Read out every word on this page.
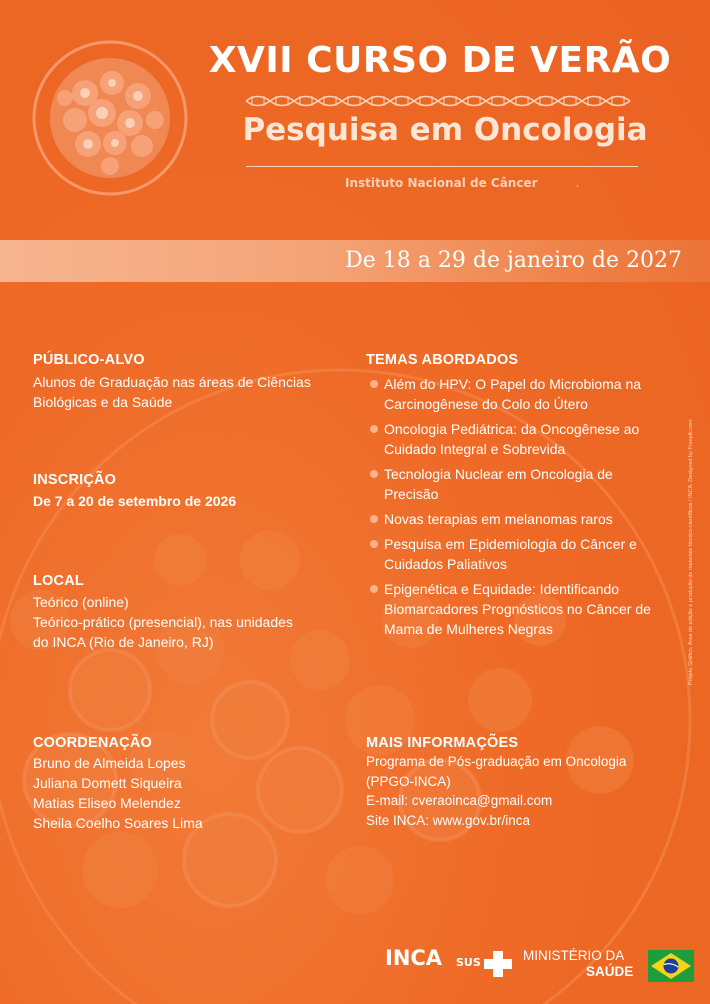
XVII CURSO DE VERÃO
Pesquisa em Oncologia
Instituto Nacional de Câncer	,
De 18 a 29 de janeiro de 2027
PÚBLICO-ALVO
Alunos de Graduação nas áreas de Ciências
Biológicas e da Saúde
INSCRIÇÃO
De 7 a 20 de setembro de 2026
LOCAL
Teórico (online)
Teórico-prático (presencial), nas unidades
do INCA (Rio de Janeiro, RJ)
COORDENAÇÃO
Bruno de Almeida Lopes
Juliana Domett Siqueira
Matias Eliseo Melendez
Sheila Coelho Soares Lima
TEMAS ABORDADOS
Além do HPV: O Papel do Microbioma na
Carcinogênese do Colo do Útero
Oncologia Pediátrica: da Oncogênese ao
Cuidado Integral e Sobrevida
Tecnologia Nuclear em Oncologia de
Precisão
Novas terapias em melanomas raros
Pesquisa em Epidemiologia do Câncer e
Cuidados Paliativos
Epigenética e Equidade: Identificando
Biomarcadores Prognósticos no Câncer de
Mama de Mulheres Negras
MAIS INFORMAÇÕES
Programa de Pós-graduação em Oncologia
(PPGO-INCA)
E-mail: cveraoinca@gmail.com
Site INCA: www.gov.br/inca
Projeto Gráfico: Área de edição e produção de materiais técnico-científicos / INCA. Designed by Freepik.com
INCA SUS	MINISTÉRIO DA
SAÚDE
